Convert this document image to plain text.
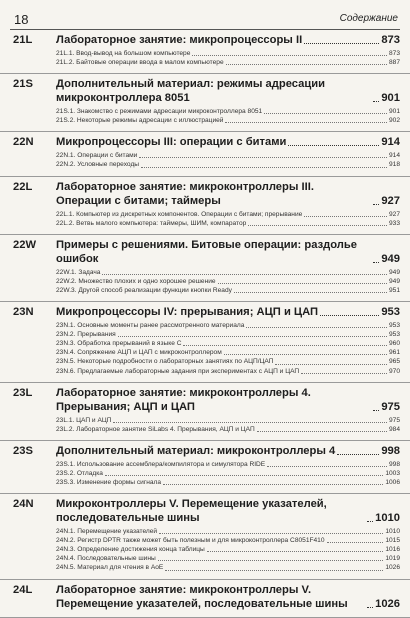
18	Содержание
21L Лабораторное занятие: микропроцессоры II	873
21L.1. Ввод-вывод на большом компьютере	873
21L.2. Байтовые операции ввода в малом компьютере	887
21S Дополнительный материал: режимы адресации микроконтроллера 8051	901
21S.1. Знакомство с режимами адресации микроконтроллера 8051	901
21S.2. Некоторые режимы адресации с иллюстрацией	902
22N Микропроцессоры III: операции с битами	914
22N.1. Операции с битами	914
22N.2. Условные переходы	918
22L Лабораторное занятие: микроконтроллеры III. Операции с битами; таймеры	927
22L.1. Компьютер из дискретных компонентов. Операции с битами; прерывание	927
22L.2. Ветвь малого компьютера: таймеры, ШИМ, компаратор	933
22W Примеры с решениями. Битовые операции: раздолье ошибок	949
22W.1. Задача	949
22W.2. Множество плохих и одно хорошее решение	949
22W.3. Другой способ реализации функции кнопки Ready	951
23N Микропроцессоры IV: прерывания; АЦП и ЦАП	953
23N.1. Основные моменты ранее рассмотренного материала	953
23N.2. Прерывания	953
23N.3. Обработка прерываний в языке C	960
23N.4. Сопряжение АЦП и ЦАП с микроконтроллером	961
23N.5. Некоторые подробности о лабораторных занятиях по АЦП/ЦАП	965
23N.6. Предлагаемые лабораторные задания при экспериментах с АЦП и ЦАП	970
23L Лабораторное занятие: микроконтроллеры 4. Прерывания; АЦП и ЦАП	975
23L.1. ЦАП и АЦП	975
23L.2. Лабораторное занятие SiLabs 4. Прерывания, АЦП и ЦАП	984
23S Дополнительный материал: микроконтроллеры 4	998
23S.1. Использование ассемблера/компилятора и симулятора RIDE	998
23S.2. Отладка	1003
23S.3. Изменение формы сигнала	1006
24N Микроконтроллеры V. Перемещение указателей, последовательные шины	1010
24N.1. Перемещение указателей	1010
24N.2. Регистр DPTR также может быть полезным и для микроконтроллера C8051F410	1015
24N.3. Определение достижения конца таблицы	1016
24N.4. Последовательные шины	1019
24N.5. Материал для чтения в AoE	1026
24L Лабораторное занятие: микроконтроллеры V. Перемещение указателей, последовательные шины	1026
